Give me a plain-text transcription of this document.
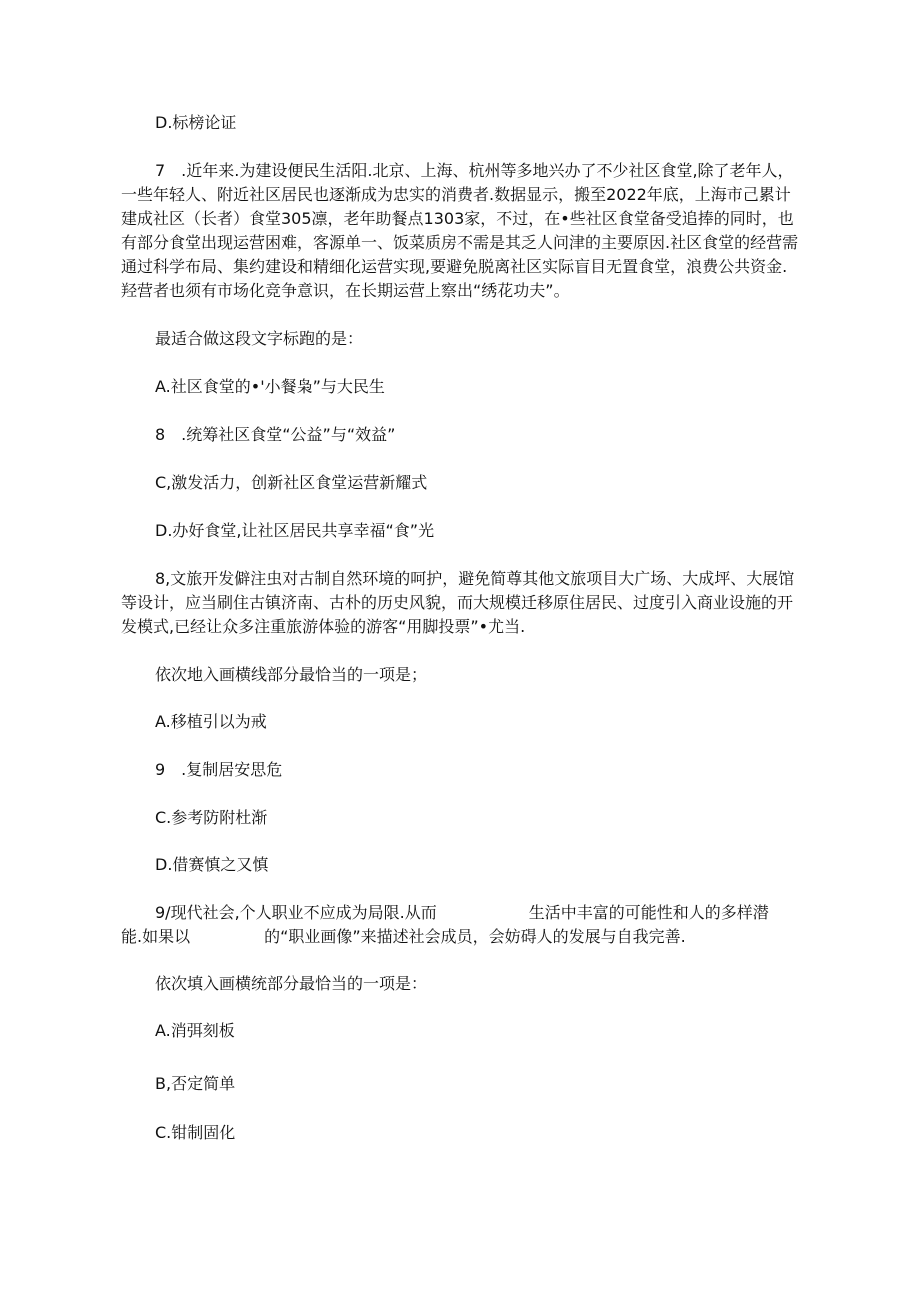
D.标榜论证
7　.近年来.为建设便民生活阳.北京、上海、杭州等多地兴办了不少社区食堂,除了老年人，一些年轻人、附近社区居民也逐渐成为忠实的消费者.数据显示，搬至2022年底，上海市己累计建成社区（长者）食堂305凛，老年助餐点1303家，不过，在•些社区食堂备受追捧的同时，也有部分食堂出现运营困难，客源单一、饭菜质房不需是其乏人问津的主要原因.社区食堂的经营需通过科学布局、集约建设和精细化运营实现,要避免脱离社区实际盲目无置食堂，浪费公共资金.羟营者也须有市场化竞争意识，在长期运营上察出“绣花功夫”。
最适合做这段文字标跑的是：
A.社区食堂的•'小餐枭”与大民生
8　.统筹社区食堂“公益”与“效益”
C,激发活力，创新社区食堂运营新耀式
D.办好食堂,让社区居民共享幸福“食”光
8,文旅开发僻注虫对古制自然环境的呵护，避免简尊其他文旅项目大广场、大成坪、大展馆等设计，应当刷住古镇济南、古朴的历史风貌，而大规模迁移原住居民、过度引入商业设施的开发模式,已经让众多注重旅游体验的游客“用脚投票”•尤当.
依次地入画横线部分最恰当的一项是；
A.移植引以为戒
9　.复制居安思危
C.参考防附杜渐
D.借赛慎之又慎

9/现代社会,个人职业不应成为局限.从而	生活中丰富的可能性和人的多样潜

能.如果以	的“职业画像”来描述社会成员，会妨碍人的发展与自我完善.

依次填入画横统部分最恰当的一项是：
A.消弭刻板
B,否定简单
C.钳制固化
